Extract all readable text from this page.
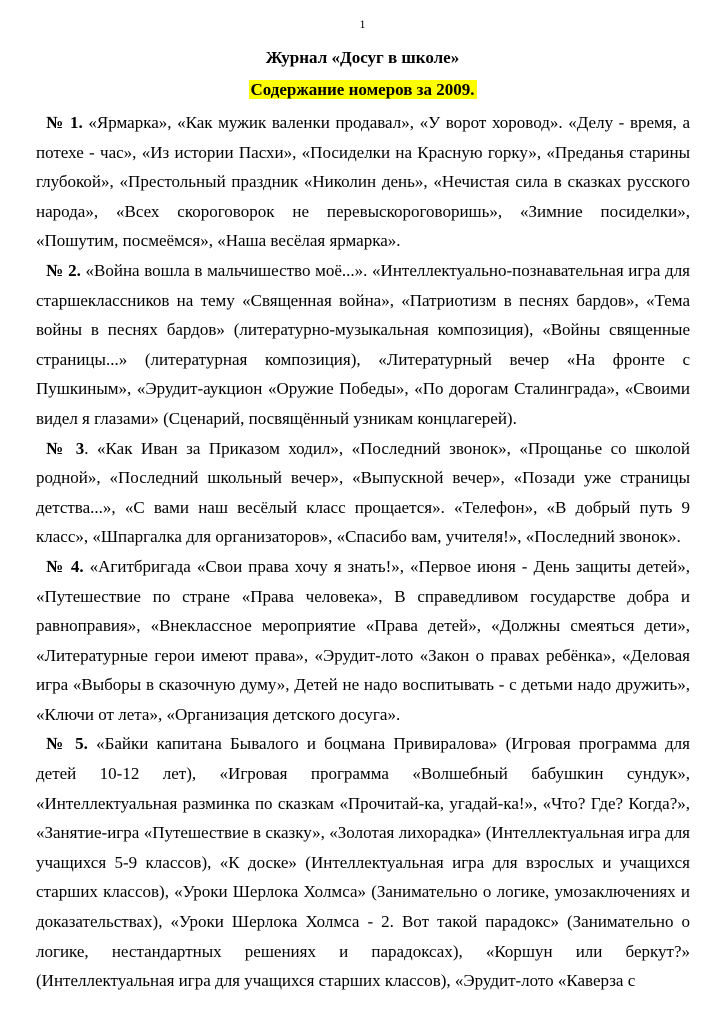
1
Журнал «Досуг в школе»
Содержание номеров за 2009.

№ 1. «Ярмарка», «Как мужик валенки продавал», «У ворот хоровод». «Делу - время, а потехе - час», «Из истории Пасхи», «Посиделки на Красную горку», «Преданья старины глубокой», «Престольный праздник «Николин день», «Нечистая сила в сказках русского народа», «Всех скороговорок не перевыскороговоришь», «Зимние посиделки», «Пошутим, посмеёмся», «Наша весёлая ярмарка».

№ 2. «Война вошла в мальчишество моё...». «Интеллектуально-познавательная игра для старшеклассников на тему «Священная война», «Патриотизм в песнях бардов», «Тема войны в песнях бардов» (литературно-музыкальная композиция), «Войны священные страницы...» (литературная композиция), «Литературный вечер «На фронте с Пушкиным», «Эрудит-аукцион «Оружие Победы», «По дорогам Сталинграда», «Своими видел я глазами» (Сценарий, посвящённый узникам концлагерей).

№ 3. «Как Иван за Приказом ходил», «Последний звонок», «Прощанье со школой родной», «Последний школьный вечер», «Выпускной вечер», «Позади уже страницы детства...», «С вами наш весёлый класс прощается». «Телефон», «В добрый путь 9 класс», «Шпаргалка для организаторов», «Спасибо вам, учителя!», «Последний звонок».

№ 4. «Агитбригада «Свои права хочу я знать!», «Первое июня - День защиты детей», «Путешествие по стране «Права человека», В справедливом государстве добра и равноправия», «Внеклассное мероприятие «Права детей», «Должны смеяться дети», «Литературные герои имеют права», «Эрудит-лото «Закон о правах ребёнка», «Деловая игра «Выборы в сказочную думу», Детей не надо воспитывать - с детьми надо дружить», «Ключи от лета», «Организация детского досуга».

№ 5. «Байки капитана Бывалого и боцмана Привиралова» (Игровая программа для детей 10-12 лет), «Игровая программа «Волшебный бабушкин сундук», «Интеллектуальная разминка по сказкам «Прочитай-ка, угадай-ка!», «Что? Где? Когда?», «Занятие-игра «Путешествие в сказку», «Золотая лихорадка» (Интеллектуальная игра для учащихся 5-9 классов), «К доске» (Интеллектуальная игра для взрослых и учащихся старших классов), «Уроки Шерлока Холмса» (Занимательно о логике, умозаключениях и доказательствах), «Уроки Шерлока Холмса - 2. Вот такой парадокс» (Занимательно о логике, нестандартных решениях и парадоксах), «Коршун или беркут?» (Интеллектуальная игра для учащихся старших классов), «Эрудит-лото «Каверза с
